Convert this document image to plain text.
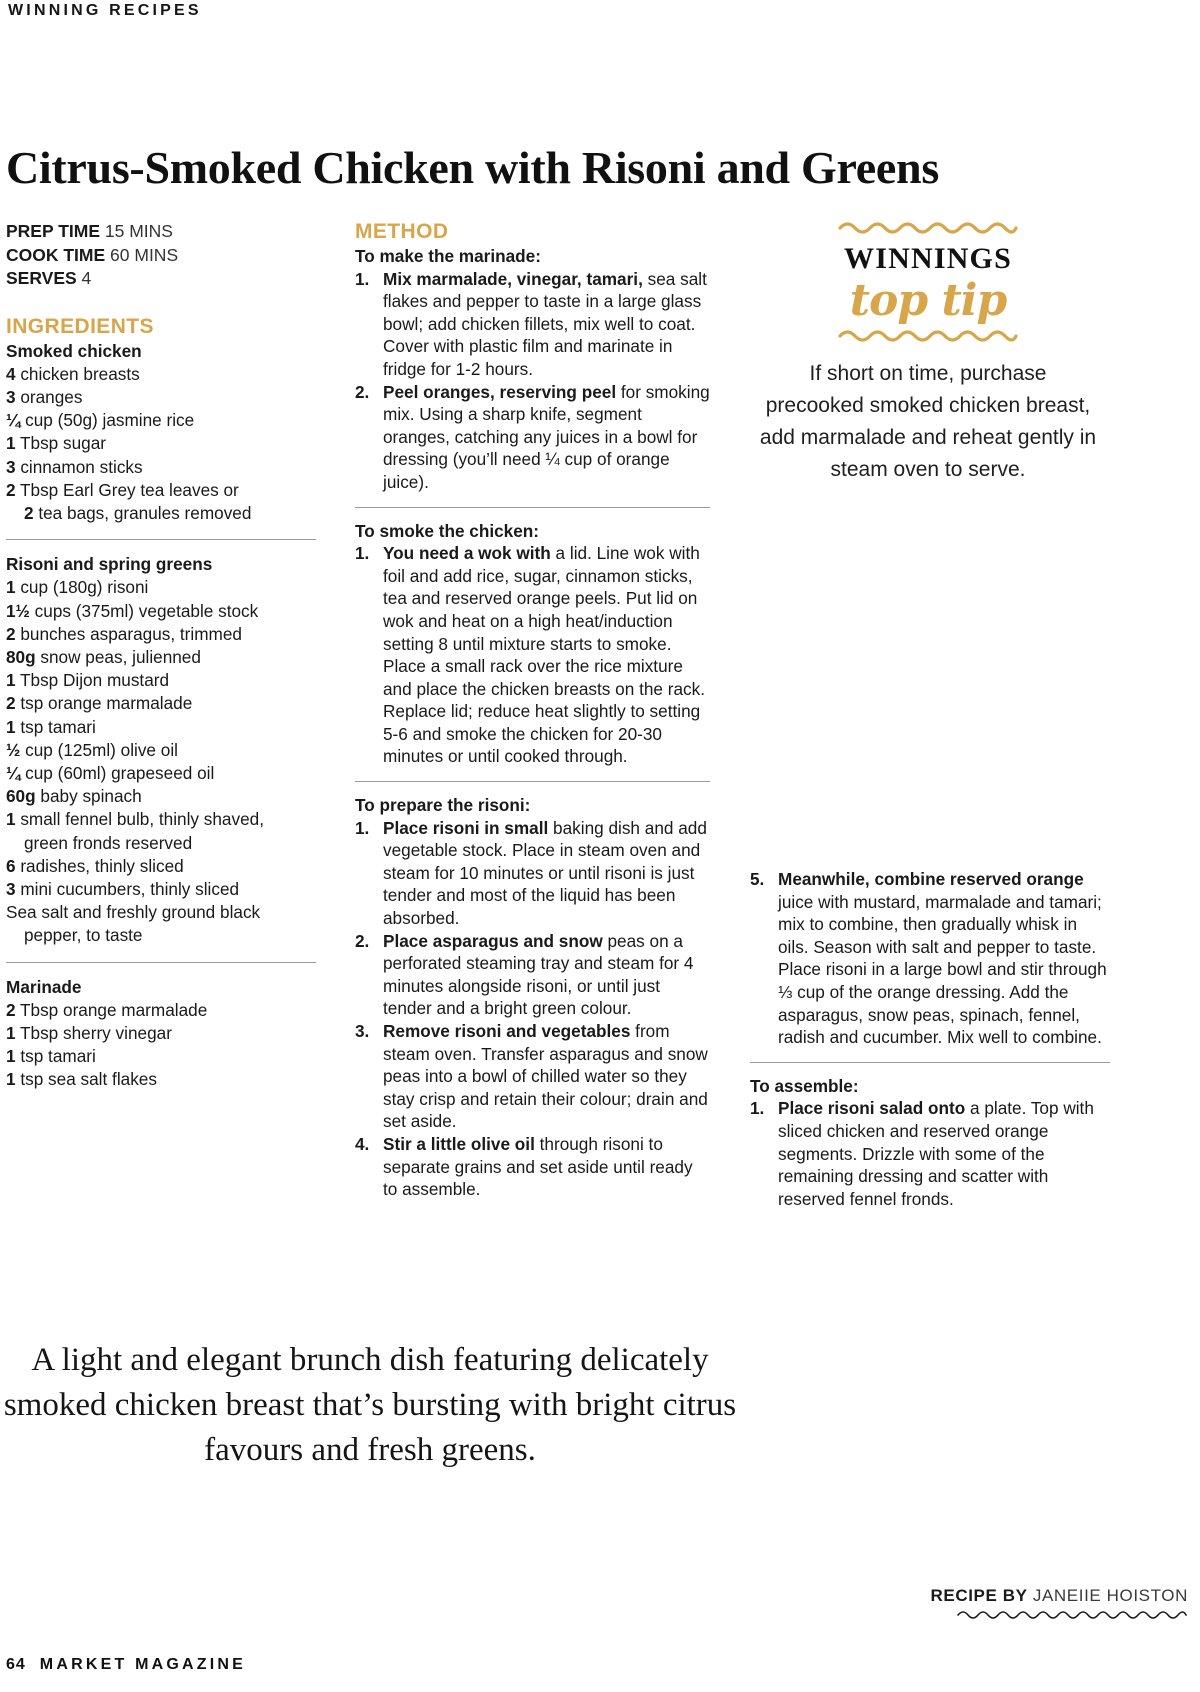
WINNING RECIPES
Citrus-Smoked Chicken with Risoni and Greens
PREP TIME 15 MINS
COOK TIME 60 MINS
SERVES 4
INGREDIENTS
Smoked chicken
4 chicken breasts
3 oranges
¼ cup (50g) jasmine rice
1 Tbsp sugar
3 cinnamon sticks
2 Tbsp Earl Grey tea leaves or
2 tea bags, granules removed
Risoni and spring greens
1 cup (180g) risoni
1½ cups (375ml) vegetable stock
2 bunches asparagus, trimmed
80g snow peas, julienned
1 Tbsp Dijon mustard
2 tsp orange marmalade
1 tsp tamari
½ cup (125ml) olive oil
¼ cup (60ml) grapeseed oil
60g baby spinach
1 small fennel bulb, thinly shaved,
green fronds reserved
6 radishes, thinly sliced
3 mini cucumbers, thinly sliced
Sea salt and freshly ground black
pepper, to taste
Marinade
2 Tbsp orange marmalade
1 Tbsp sherry vinegar
1 tsp tamari
1 tsp sea salt flakes
METHOD
To make the marinade:
1. Mix marmalade, vinegar, tamari, sea salt flakes and pepper to taste in a large glass bowl; add chicken fillets, mix well to coat. Cover with plastic film and marinate in fridge for 1-2 hours.
2. Peel oranges, reserving peel for smoking mix. Using a sharp knife, segment oranges, catching any juices in a bowl for dressing (you’ll need ¼ cup of orange juice).
To smoke the chicken:
1. You need a wok with a lid. Line wok with foil and add rice, sugar, cinnamon sticks, tea and reserved orange peels. Put lid on wok and heat on a high heat/induction setting 8 until mixture starts to smoke. Place a small rack over the rice mixture and place the chicken breasts on the rack. Replace lid; reduce heat slightly to setting 5-6 and smoke the chicken for 20-30 minutes or until cooked through.
To prepare the risoni:
1. Place risoni in small baking dish and add vegetable stock. Place in steam oven and steam for 10 minutes or until risoni is just tender and most of the liquid has been absorbed.
2. Place asparagus and snow peas on a perforated steaming tray and steam for 4 minutes alongside risoni, or until just tender and a bright green colour.
3. Remove risoni and vegetables from steam oven. Transfer asparagus and snow peas into a bowl of chilled water so they stay crisp and retain their colour; drain and set aside.
4. Stir a little olive oil through risoni to separate grains and set aside until ready to assemble.
WINNINGS
top tip
If short on time, purchase precooked smoked chicken breast, add marmalade and reheat gently in steam oven to serve.
5. Meanwhile, combine reserved orange juice with mustard, marmalade and tamari; mix to combine, then gradually whisk in oils. Season with salt and pepper to taste. Place risoni in a large bowl and stir through ⅓ cup of the orange dressing. Add the asparagus, snow peas, spinach, fennel, radish and cucumber. Mix well to combine.
To assemble:
1. Place risoni salad onto a plate. Top with sliced chicken and reserved orange segments. Drizzle with some of the remaining dressing and scatter with reserved fennel fronds.
A light and elegant brunch dish featuring delicately smoked chicken breast that’s bursting with bright citrus favours and fresh greens.
RECIPE BY JANEIIE HOISTON
64 MARKET MAGAZINE
